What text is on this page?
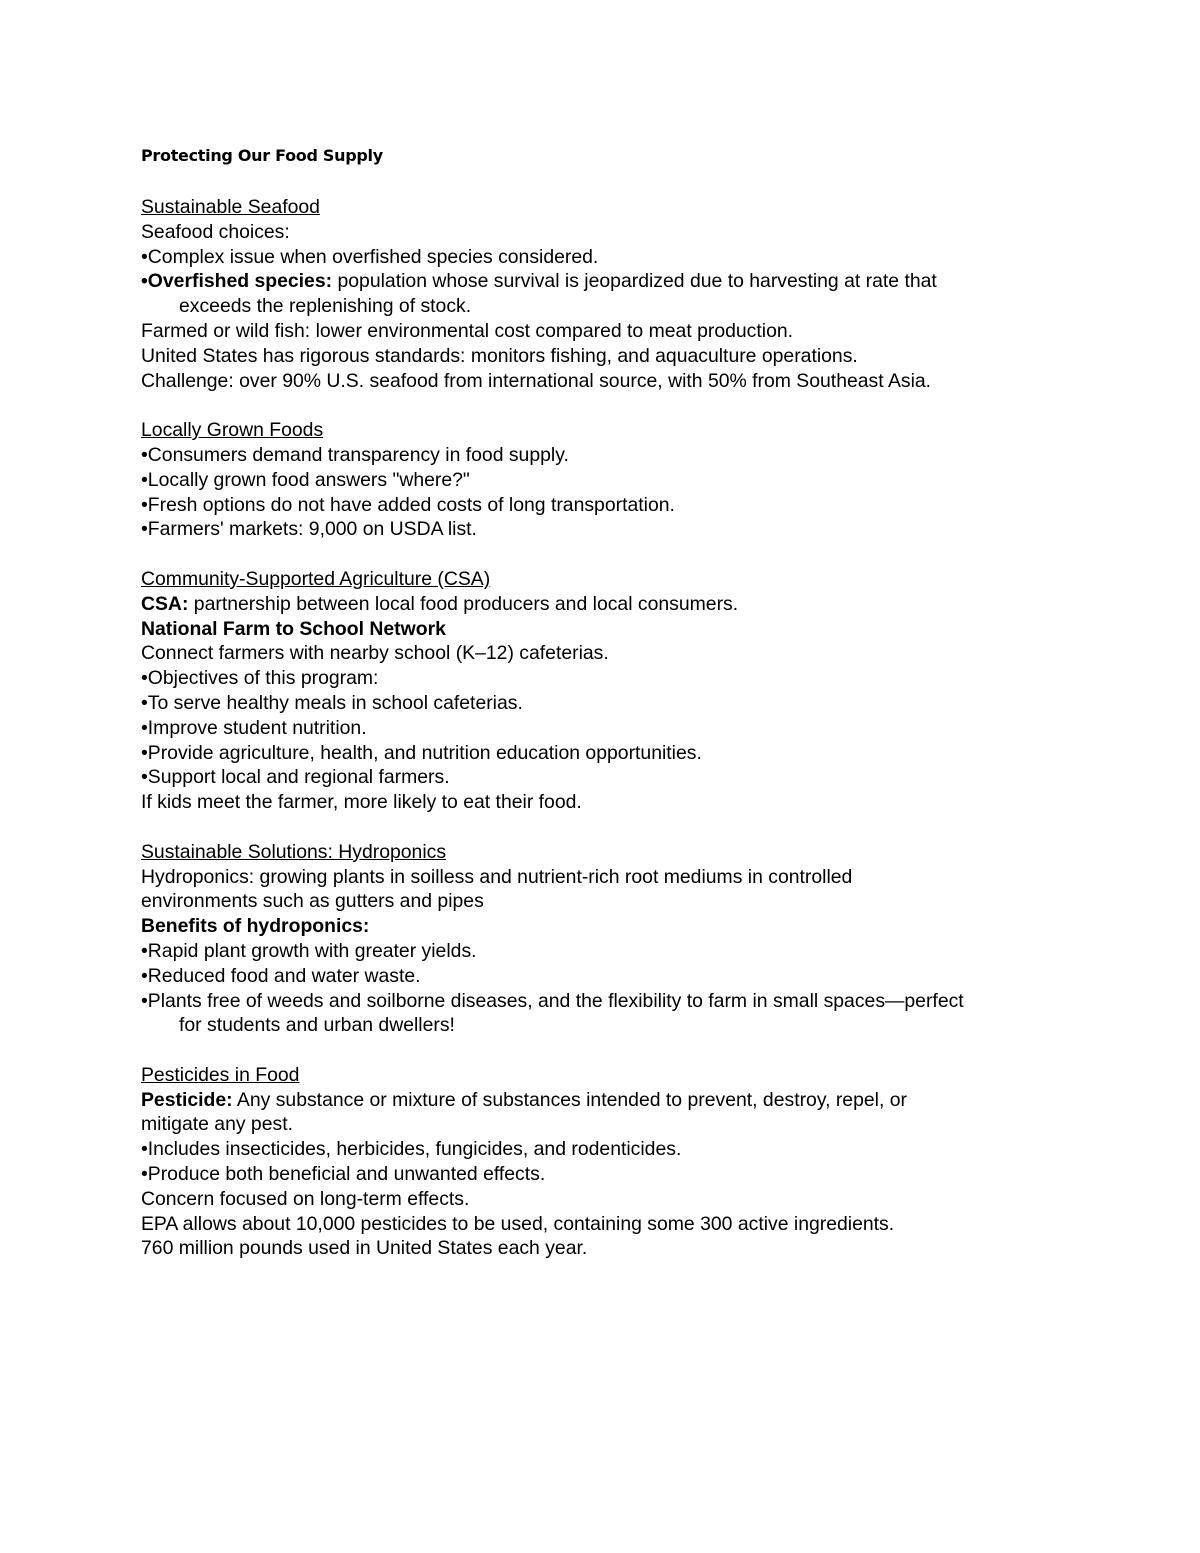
Protecting Our Food Supply
Sustainable Seafood
Seafood choices:
•Complex issue when overfished species considered.
•Overfished species: population whose survival is jeopardized due to harvesting at rate that
exceeds the replenishing of stock.
Farmed or wild fish: lower environmental cost compared to meat production.
United States has rigorous standards: monitors fishing, and aquaculture operations.
Challenge: over 90% U.S. seafood from international source, with 50% from Southeast Asia.
Locally Grown Foods
•Consumers demand transparency in food supply.
•Locally grown food answers "where?"
•Fresh options do not have added costs of long transportation.
•Farmers' markets: 9,000 on USDA list.
Community-Supported Agriculture (CSA)
CSA: partnership between local food producers and local consumers.
National Farm to School Network
Connect farmers with nearby school (K–12) cafeterias.
•Objectives of this program:
•To serve healthy meals in school cafeterias.
•Improve student nutrition.
•Provide agriculture, health, and nutrition education opportunities.
•Support local and regional farmers.
If kids meet the farmer, more likely to eat their food.
Sustainable Solutions: Hydroponics
Hydroponics: growing plants in soilless and nutrient-rich root mediums in controlled
environments such as gutters and pipes
Benefits of hydroponics:
•Rapid plant growth with greater yields.
•Reduced food and water waste.
•Plants free of weeds and soilborne diseases, and the flexibility to farm in small spaces—perfect
for students and urban dwellers!
Pesticides in Food
Pesticide: Any substance or mixture of substances intended to prevent, destroy, repel, or
mitigate any pest.
•Includes insecticides, herbicides, fungicides, and rodenticides.
•Produce both beneficial and unwanted effects.
Concern focused on long-term effects.
EPA allows about 10,000 pesticides to be used, containing some 300 active ingredients.
760 million pounds used in United States each year.
